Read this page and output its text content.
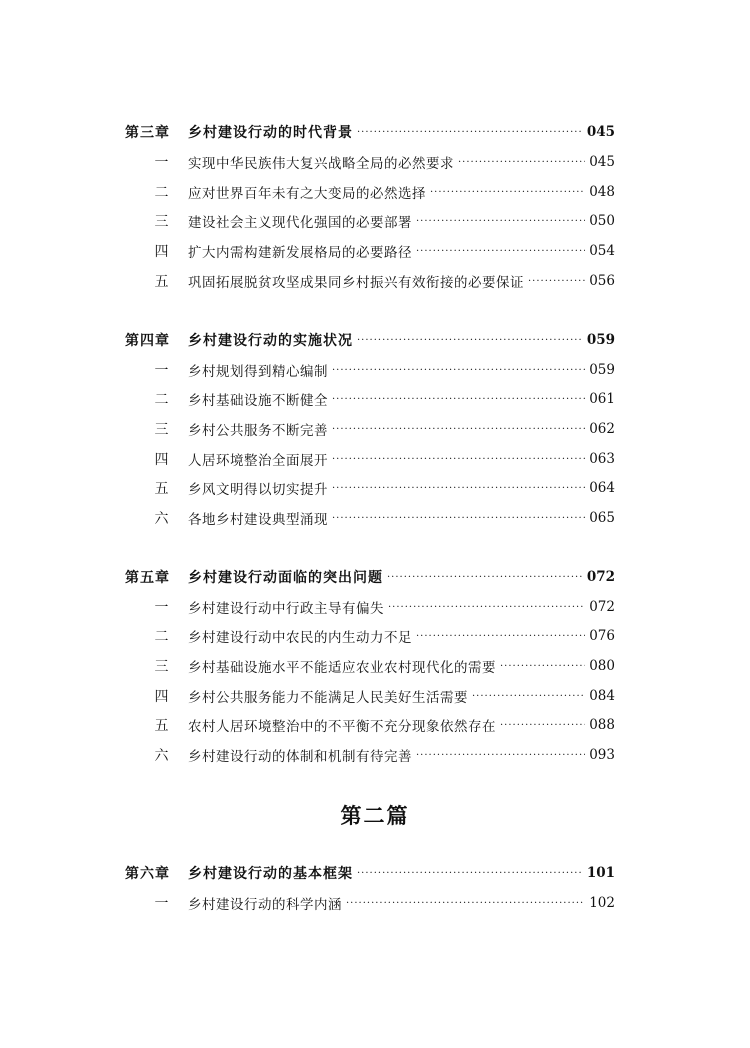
第三章	乡村建设行动的时代背景 ·····	045
一	实现中华民族伟大复兴战略全局的必然要求 ·····	045
二	应对世界百年未有之大变局的必然选择 ·····	048
三	建设社会主义现代化强国的必要部署 ·····	050
四	扩大内需构建新发展格局的必要路径 ·····	054
五	巩固拓展脱贫攻坚成果同乡村振兴有效衔接的必要保证 ·····	056
第四章	乡村建设行动的实施状况 ·····	059
一	乡村规划得到精心编制 ·····	059
二	乡村基础设施不断健全 ·····	061
三	乡村公共服务不断完善 ·····	062
四	人居环境整治全面展开 ·····	063
五	乡风文明得以切实提升 ·····	064
六	各地乡村建设典型涌现 ·····	065
第五章	乡村建设行动面临的突出问题 ·····	072
一	乡村建设行动中行政主导有偏失 ·····	072
二	乡村建设行动中农民的内生动力不足 ·····	076
三	乡村基础设施水平不能适应农业农村现代化的需要 ·····	080
四	乡村公共服务能力不能满足人民美好生活需要 ·····	084
五	农村人居环境整治中的不平衡不充分现象依然存在 ·····	088
六	乡村建设行动的体制和机制有待完善 ·····	093
第二篇
第六章	乡村建设行动的基本框架 ·····	101
一	乡村建设行动的科学内涵 ·····	102
